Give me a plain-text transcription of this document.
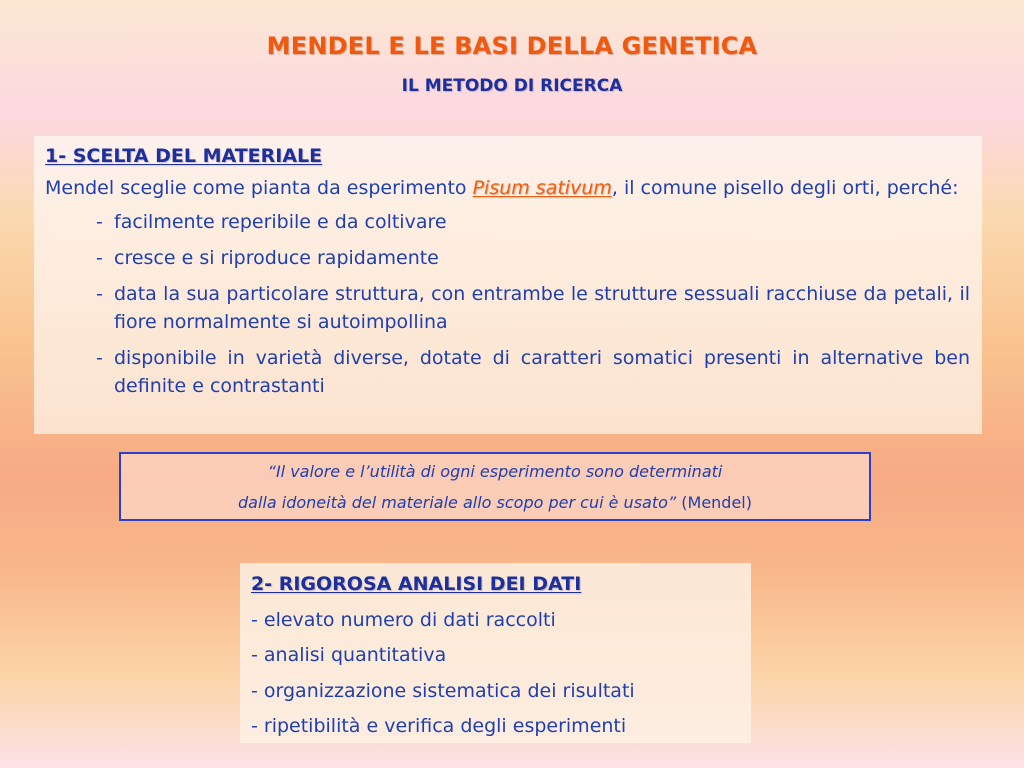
MENDEL E LE BASI DELLA GENETICA
IL METODO DI RICERCA
1- SCELTA DEL MATERIALE

Mendel sceglie come pianta da esperimento Pisum sativum, il comune pisello degli orti, perché:

- facilmente reperibile e da coltivare
- cresce e si riproduce rapidamente
- data la sua particolare struttura, con entrambe le strutture sessuali racchiuse da petali, il fiore normalmente si autoimpollina
- disponibile in varietà diverse, dotate di caratteri somatici presenti in alternative ben definite e contrastanti
“Il valore e l’utilità di ogni esperimento sono determinati
dalla idoneità del materiale allo scopo per cui è usato” (Mendel)
2- RIGOROSA ANALISI DEI DATI
- elevato numero di dati raccolti
- analisi quantitativa
- organizzazione sistematica dei risultati
- ripetibilità e verifica degli esperimenti
